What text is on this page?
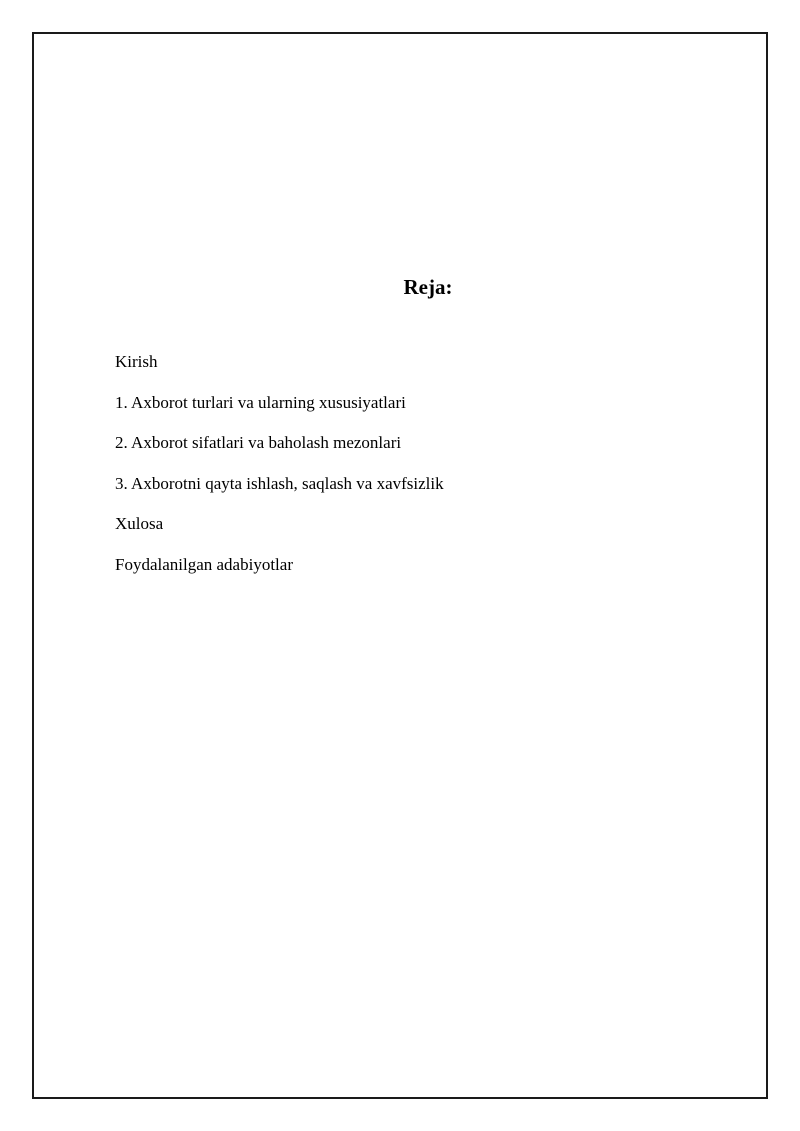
Reja:
Kirish
1. Axborot turlari va ularning xususiyatlari
2. Axborot sifatlari va baholash mezonlari
3. Axborotni qayta ishlash, saqlash va xavfsizlik
Xulosa
Foydalanilgan adabiyotlar
